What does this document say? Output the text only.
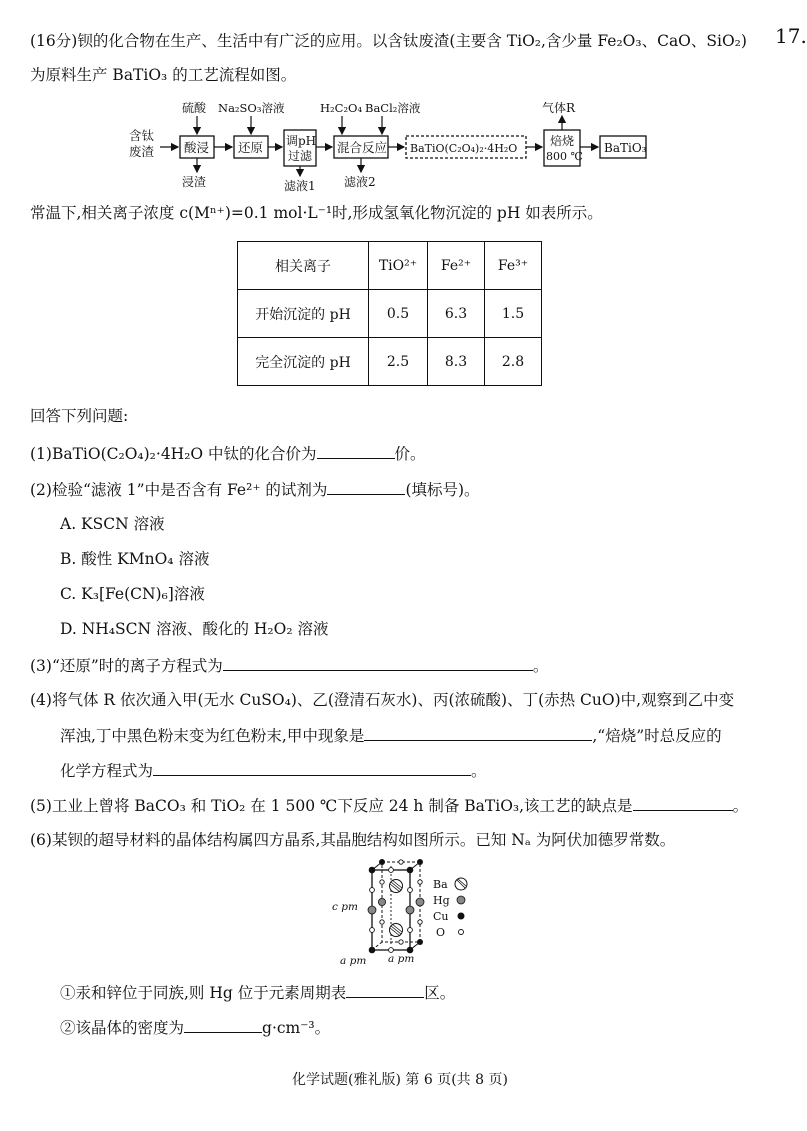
17.
(16分)钡的化合物在生产、生活中有广泛的应用。以含钛废渣(主要含 TiO₂,含少量 Fe₂O₃、CaO、SiO₂)
为原料生产 BaTiO₃ 的工艺流程如图。
含钛
废渣 酸浸
硫酸
浸渣
还原
Na₂SO₃溶液
调pH
过滤
滤液1
混合反应
H₂C₂O₄ BaCl₂溶液
滤液2
BaTiO(C₂O₄)₂·4H₂O
焙烧
800 ℃
气体R
BaTiO₃
常温下,相关离子浓度 c(Mⁿ⁺)=0.1 mol·L⁻¹时,形成氢氧化物沉淀的 pH 如表所示。
相关离子	TiO²⁺	Fe²⁺	Fe³⁺
开始沉淀的 pH	0.5	6.3	1.5
完全沉淀的 pH	2.5	8.3	2.8
回答下列问题:
(1)BaTiO(C₂O₄)₂·4H₂O 中钛的化合价为	价。
(2)检验“滤液 1”中是否含有 Fe²⁺ 的试剂为	(填标号)。
A. KSCN 溶液
B. 酸性 KMnO₄ 溶液
C. K₃[Fe(CN)₆]溶液
D. NH₄SCN 溶液、酸化的 H₂O₂ 溶液
(3)“还原”时的离子方程式为	。
(4)将气体 R 依次通入甲(无水 CuSO₄)、乙(澄清石灰水)、丙(浓硫酸)、丁(赤热 CuO)中,观察到乙中变
浑浊,丁中黑色粉末变为红色粉末,甲中现象是	,“焙烧”时总反应的
化学方程式为	。
(5)工业上曾将 BaCO₃ 和 TiO₂ 在 1 500 ℃下反应 24 h 制备 BaTiO₃,该工艺的缺点是	。
(6)某钡的超导材料的晶体结构属四方晶系,其晶胞结构如图所示。已知 Nₐ 为阿伏加德罗常数。
c pm
a pm a pm
Ba
Hg
Cu
O
①汞和锌位于同族,则 Hg 位于元素周期表	区。
②该晶体的密度为	g·cm⁻³。
化学试题(雅礼版) 第 6 页(共 8 页)
